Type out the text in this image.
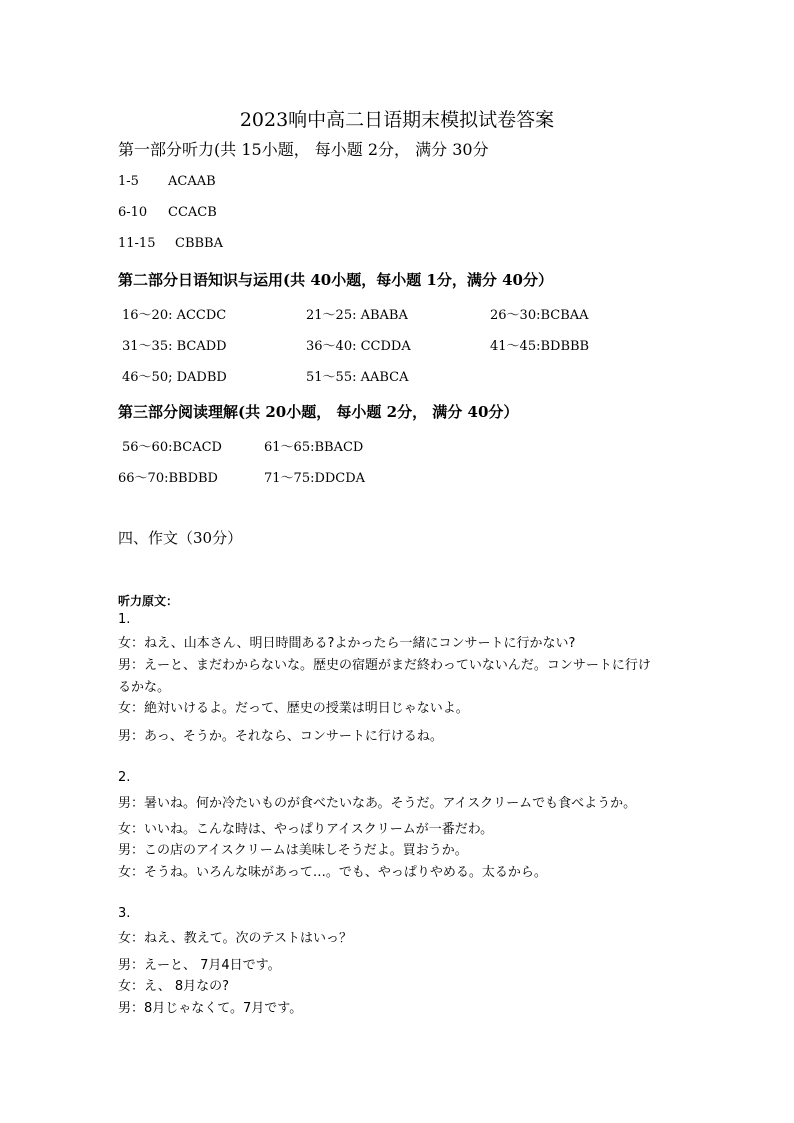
2023响中高二日语期末模拟试卷答案
第一部分听力(共 15小题， 每小题 2分， 满分 30分
1-5 ACAAB
6-10 CCACB
11-15 CBBBA
第二部分日语知识与运用(共 40小题，每小题 1分，满分 40分）
16～20: ACCDC	21～25: ABABA	26～30:BCBAA
31～35: BCADD	36～40: CCDDA	41～45:BDBBB
46～50; DADBD	51～55: AABCA
第三部分阅读理解(共 20小题， 每小题 2分， 满分 40分）
56～60:BCACD	61～65:BBACD
66～70:BBDBD	71～75:DDCDA
四、作文（30分）
听力原文：
1.
女：ねえ、山本さん、明日時間ある?よかったら一緒にコンサートに行かない?
男：えーと、まだわからないな。歴史の宿題がまだ終わっていないんだ。コンサートに行け
るかな。
女：絶対いけるよ。だって、歴史の授業は明日じゃないよ。
男：あっ、そうか。それなら、コンサートに行けるね。
2.
男：暑いね。何か冷たいものが食べたいなあ。そうだ。アイスクリームでも食べようか。
女：いいね。こんな時は、やっぱりアイスクリームが一番だわ。
男：この店のアイスクリームは美味しそうだよ。買おうか。
女：そうね。いろんな味があって…。でも、やっぱりやめる。太るから。
3.
女：ねえ、教えて。次のテストはいっ？
男：えーと、 7月4日です。
女：え、 8月なの?
男：8月じゃなくて。7月です。
